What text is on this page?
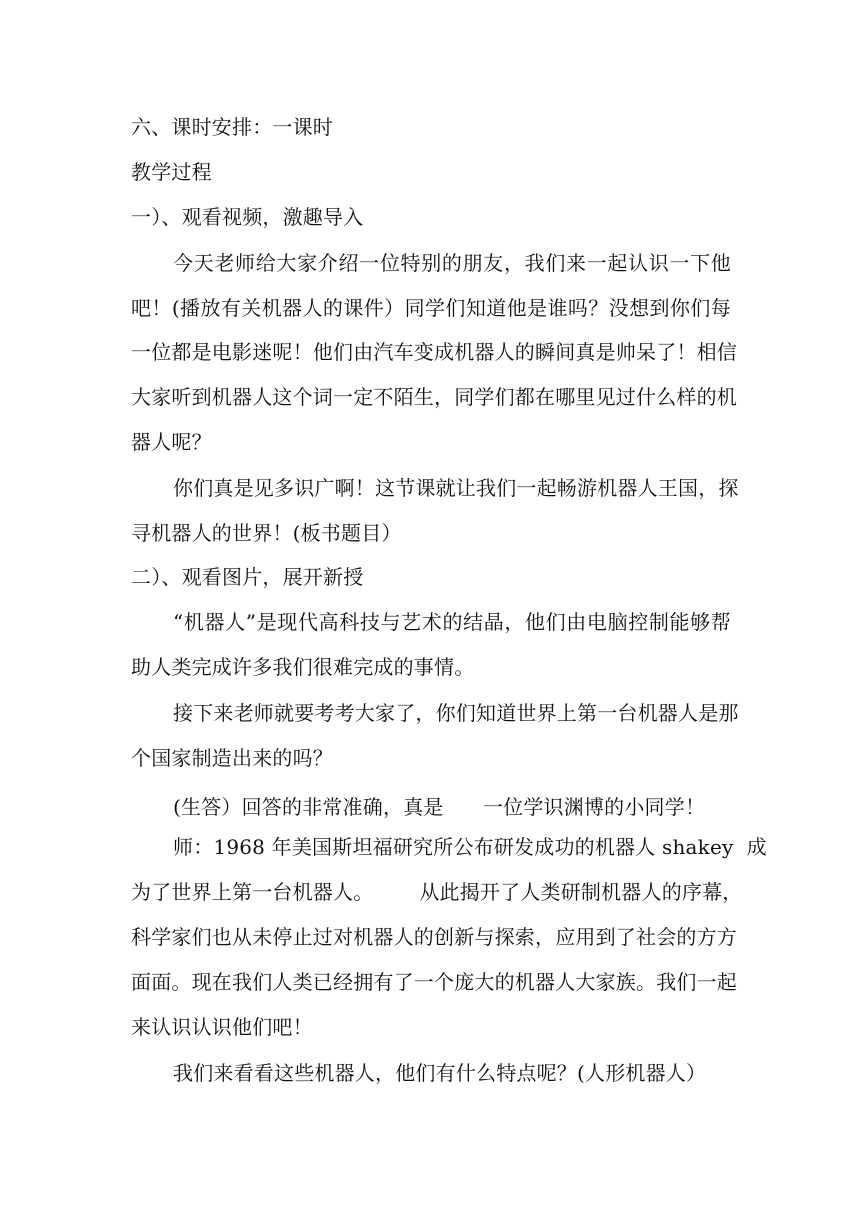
六、课时安排：一课时
教学过程
一）、观看视频，激趣导入
今天老师给大家介绍一位特别的朋友，我们来一起认识一下他
吧！(播放有关机器人的课件）同学们知道他是谁吗？没想到你们每
一位都是电影迷呢！他们由汽车变成机器人的瞬间真是帅呆了！相信
大家听到机器人这个词一定不陌生，同学们都在哪里见过什么样的机
器人呢？
你们真是见多识广啊！这节课就让我们一起畅游机器人王国，探
寻机器人的世界！(板书题目）
二）、观看图片，展开新授
“机器人”是现代高科技与艺术的结晶，他们由电脑控制能够帮
助人类完成许多我们很难完成的事情。
接下来老师就要考考大家了，你们知道世界上第一台机器人是那
个国家制造出来的吗？
(生答）回答的非常准确，真是      一位学识渊博的小同学！
师：1968 年美国斯坦福研究所公布研发成功的机器人 shakey  成
为了世界上第一台机器人。       从此揭开了人类研制机器人的序幕，
科学家们也从未停止过对机器人的创新与探索，应用到了社会的方方
面面。现在我们人类已经拥有了一个庞大的机器人大家族。我们一起
来认识认识他们吧！
我们来看看这些机器人，他们有什么特点呢？(人形机器人）
